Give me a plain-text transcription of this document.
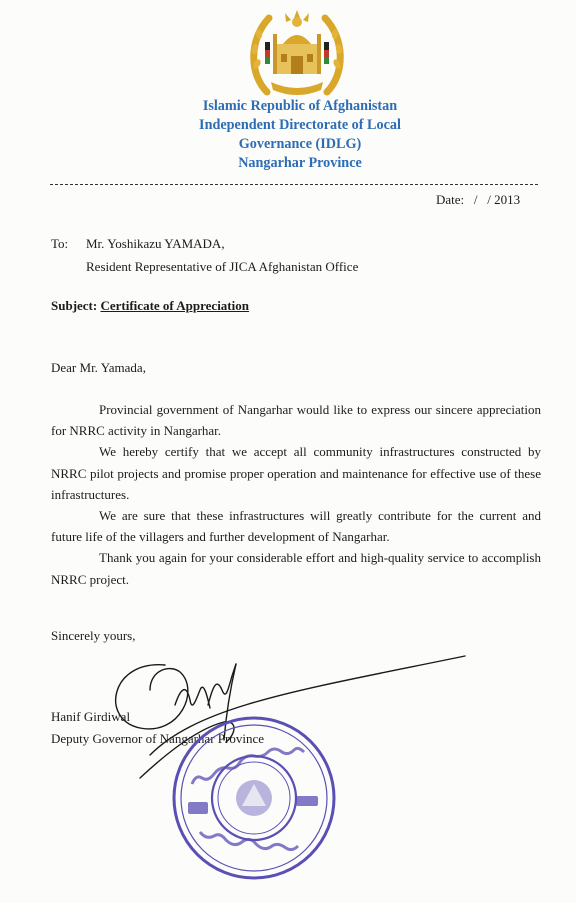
Islamic Republic of Afghanistan
Independent Directorate of Local
Governance (IDLG)
Nangarhar Province
Date:   /   / 2013
To: Mr. Yoshikazu YAMADA,
Resident Representative of JICA Afghanistan Office
Subject: Certificate of Appreciation
Dear Mr. Yamada,

Provincial government of Nangarhar would like to express our sincere appreciation for NRRC activity in Nangarhar.

We hereby certify that we accept all community infrastructures constructed by NRRC pilot projects and promise proper operation and maintenance for effective use of these infrastructures.

We are sure that these infrastructures will greatly contribute for the current and future life of the villagers and further development of Nangarhar.

Thank you again for your considerable effort and high-quality service to accomplish NRRC project.

Sincerely yours,
Hanif Girdiwal
Deputy Governor of Nangarhar Province
